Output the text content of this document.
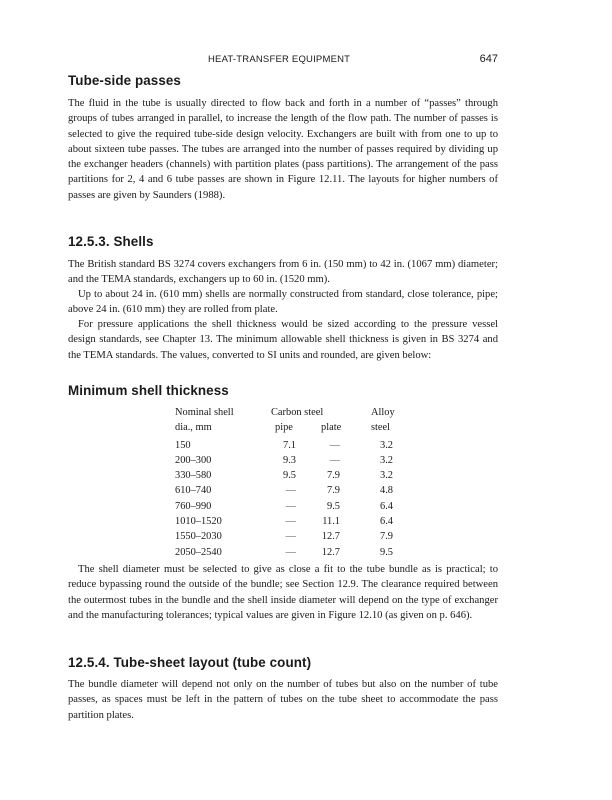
HEAT-TRANSFER EQUIPMENT	647
Tube-side passes

The fluid in the tube is usually directed to flow back and forth in a number of “passes” through groups of tubes arranged in parallel, to increase the length of the flow path. The number of passes is selected to give the required tube-side design velocity. Exchangers are built with from one to up to about sixteen tube passes. The tubes are arranged into the number of passes required by dividing up the exchanger headers (channels) with partition plates (pass partitions). The arrangement of the pass partitions for 2, 4 and 6 tube passes are shown in Figure 12.11. The layouts for higher numbers of passes are given by Saunders (1988).

12.5.3. Shells

The British standard BS 3274 covers exchangers from 6 in. (150 mm) to 42 in. (1067 mm) diameter; and the TEMA standards, exchangers up to 60 in. (1520 mm).

Up to about 24 in. (610 mm) shells are normally constructed from standard, close tolerance, pipe; above 24 in. (610 mm) they are rolled from plate.

For pressure applications the shell thickness would be sized according to the pressure vessel design standards, see Chapter 13. The minimum allowable shell thickness is given in BS 3274 and the TEMA standards. The values, converted to SI units and rounded, are given below:

Minimum shell thickness
Nominal shell	Carbon steel	Alloy
dia., mm	pipe	plate	steel
150	7.1	—	3.2
200–300	9.3	—	3.2
330–580	9.5	7.9	3.2
610–740	—	7.9	4.8
760–990	—	9.5	6.4
1010–1520	—	11.1	6.4
1550–2030	—	12.7	7.9
2050–2540	—	12.7	9.5

The shell diameter must be selected to give as close a fit to the tube bundle as is practical; to reduce bypassing round the outside of the bundle; see Section 12.9. The clearance required between the outermost tubes in the bundle and the shell inside diameter will depend on the type of exchanger and the manufacturing tolerances; typical values are given in Figure 12.10 (as given on p. 646).

12.5.4. Tube-sheet layout (tube count)

The bundle diameter will depend not only on the number of tubes but also on the number of tube passes, as spaces must be left in the pattern of tubes on the tube sheet to accommodate the pass partition plates.
